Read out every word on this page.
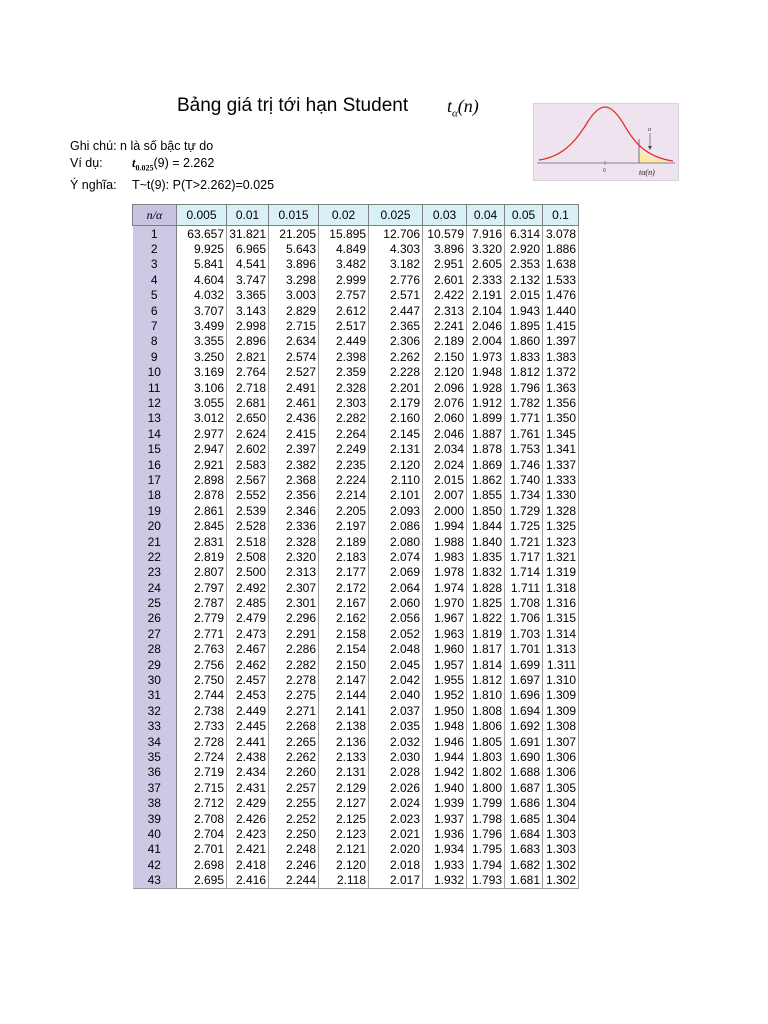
Bảng giá trị tới hạn Student $t_\alpha(n)$
Ghi chú:
n là số bậc tự do
Ví dụ:	$t_{0.025}(9) = 2.262$
Ý nghĩa:	T~t(9): P(T>2.262)=0.025
α
0	tα(n)
n/α	0.005	0.01	0.015	0.02	0.025	0.03	0.04	0.05	0.1
1	63.657	31.821	21.205	15.895	12.706	10.579	7.916	6.314	3.078
2	9.925	6.965	5.643	4.849	4.303	3.896	3.320	2.920	1.886
3	5.841	4.541	3.896	3.482	3.182	2.951	2.605	2.353	1.638
4	4.604	3.747	3.298	2.999	2.776	2.601	2.333	2.132	1.533
5	4.032	3.365	3.003	2.757	2.571	2.422	2.191	2.015	1.476
6	3.707	3.143	2.829	2.612	2.447	2.313	2.104	1.943	1.440
7	3.499	2.998	2.715	2.517	2.365	2.241	2.046	1.895	1.415
8	3.355	2.896	2.634	2.449	2.306	2.189	2.004	1.860	1.397
9	3.250	2.821	2.574	2.398	2.262	2.150	1.973	1.833	1.383
10	3.169	2.764	2.527	2.359	2.228	2.120	1.948	1.812	1.372
11	3.106	2.718	2.491	2.328	2.201	2.096	1.928	1.796	1.363
12	3.055	2.681	2.461	2.303	2.179	2.076	1.912	1.782	1.356
13	3.012	2.650	2.436	2.282	2.160	2.060	1.899	1.771	1.350
14	2.977	2.624	2.415	2.264	2.145	2.046	1.887	1.761	1.345
15	2.947	2.602	2.397	2.249	2.131	2.034	1.878	1.753	1.341
16	2.921	2.583	2.382	2.235	2.120	2.024	1.869	1.746	1.337
17	2.898	2.567	2.368	2.224	2.110	2.015	1.862	1.740	1.333
18	2.878	2.552	2.356	2.214	2.101	2.007	1.855	1.734	1.330
19	2.861	2.539	2.346	2.205	2.093	2.000	1.850	1.729	1.328
20	2.845	2.528	2.336	2.197	2.086	1.994	1.844	1.725	1.325
21	2.831	2.518	2.328	2.189	2.080	1.988	1.840	1.721	1.323
22	2.819	2.508	2.320	2.183	2.074	1.983	1.835	1.717	1.321
23	2.807	2.500	2.313	2.177	2.069	1.978	1.832	1.714	1.319
24	2.797	2.492	2.307	2.172	2.064	1.974	1.828	1.711	1.318
25	2.787	2.485	2.301	2.167	2.060	1.970	1.825	1.708	1.316
26	2.779	2.479	2.296	2.162	2.056	1.967	1.822	1.706	1.315
27	2.771	2.473	2.291	2.158	2.052	1.963	1.819	1.703	1.314
28	2.763	2.467	2.286	2.154	2.048	1.960	1.817	1.701	1.313
29	2.756	2.462	2.282	2.150	2.045	1.957	1.814	1.699	1.311
30	2.750	2.457	2.278	2.147	2.042	1.955	1.812	1.697	1.310
31	2.744	2.453	2.275	2.144	2.040	1.952	1.810	1.696	1.309
32	2.738	2.449	2.271	2.141	2.037	1.950	1.808	1.694	1.309
33	2.733	2.445	2.268	2.138	2.035	1.948	1.806	1.692	1.308
34	2.728	2.441	2.265	2.136	2.032	1.946	1.805	1.691	1.307
35	2.724	2.438	2.262	2.133	2.030	1.944	1.803	1.690	1.306
36	2.719	2.434	2.260	2.131	2.028	1.942	1.802	1.688	1.306
37	2.715	2.431	2.257	2.129	2.026	1.940	1.800	1.687	1.305
38	2.712	2.429	2.255	2.127	2.024	1.939	1.799	1.686	1.304
39	2.708	2.426	2.252	2.125	2.023	1.937	1.798	1.685	1.304
40	2.704	2.423	2.250	2.123	2.021	1.936	1.796	1.684	1.303
41	2.701	2.421	2.248	2.121	2.020	1.934	1.795	1.683	1.303
42	2.698	2.418	2.246	2.120	2.018	1.933	1.794	1.682	1.302
43	2.695	2.416	2.244	2.118	2.017	1.932	1.793	1.681	1.302
